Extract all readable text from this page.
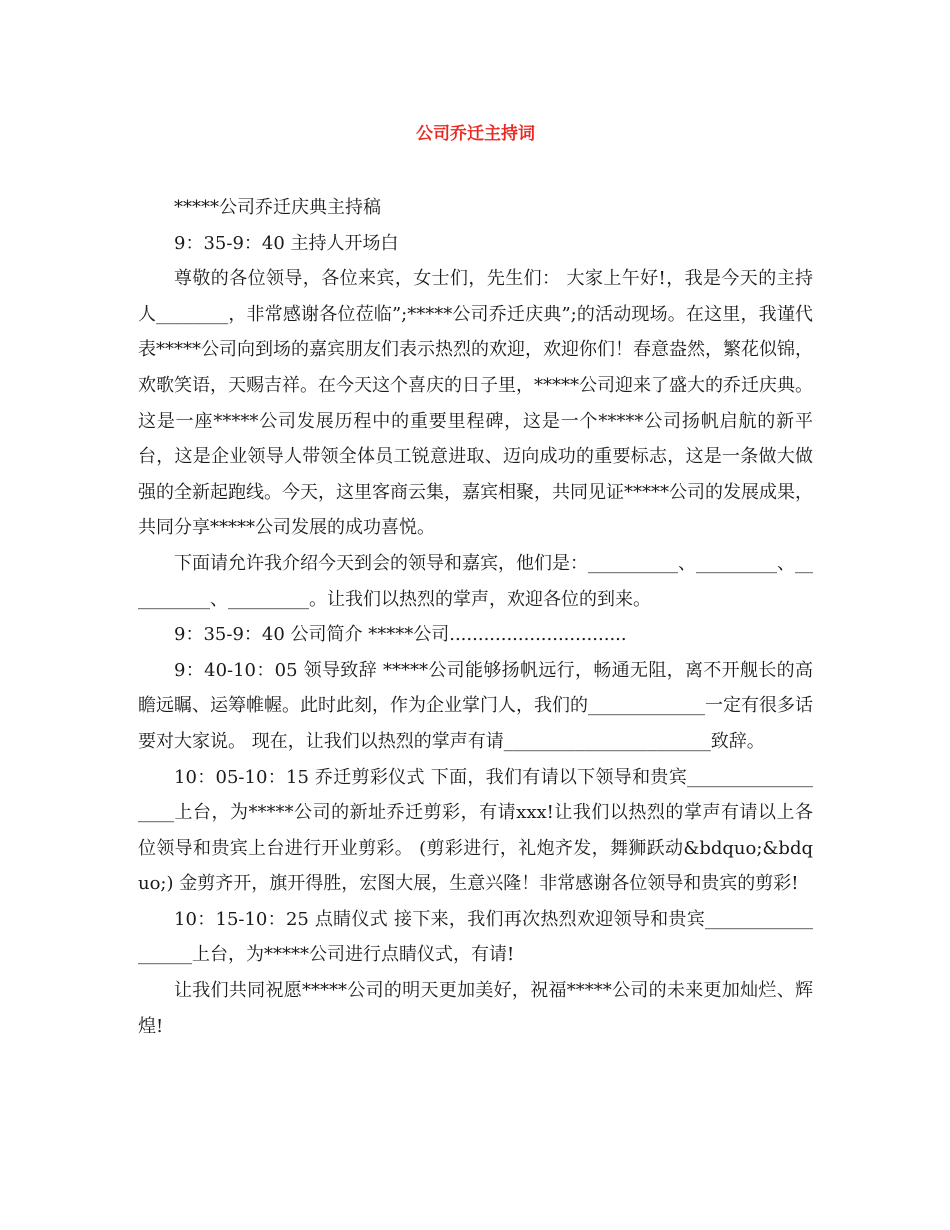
公司乔迁主持词

*****公司乔迁庆典主持稿

9：35-9：40 主持人开场白

尊敬的各位领导，各位来宾，女士们，先生们： 大家上午好!，我是今天的主持人________，非常感谢各位莅临”;*****公司乔迁庆典”;的活动现场。在这里，我谨代表*****公司向到场的嘉宾朋友们表示热烈的欢迎，欢迎你们！春意盎然，繁花似锦，欢歌笑语，天赐吉祥。在今天这个喜庆的日子里，*****公司迎来了盛大的乔迁庆典。这是一座*****公司发展历程中的重要里程碑，这是一个*****公司扬帆启航的新平台，这是企业领导人带领全体员工锐意进取、迈向成功的重要标志，这是一条做大做强的全新起跑线。今天，这里客商云集，嘉宾相聚，共同见证*****公司的发展成果，共同分享*****公司发展的成功喜悦。

下面请允许我介绍今天到会的领导和嘉宾，他们是：__________、_________、__________、_________。让我们以热烈的掌声，欢迎各位的到来。

9：35-9：40 公司简介 *****公司...............................

9：40-10：05 领导致辞 *****公司能够扬帆远行，畅通无阻，离不开舰长的高瞻远瞩、运筹帷幄。此时此刻，作为企业掌门人，我们的_____________一定有很多话要对大家说。 现在，让我们以热烈的掌声有请_______________________致辞。

10：05-10：15 乔迁剪彩仪式 下面，我们有请以下领导和贵宾__________________上台，为*****公司的新址乔迁剪彩，有请xxx!让我们以热烈的掌声有请以上各位领导和贵宾上台进行开业剪彩。 (剪彩进行，礼炮齐发，舞狮跃动&bdquo;&bdquo;) 金剪齐开，旗开得胜，宏图大展，生意兴隆！非常感谢各位领导和贵宾的剪彩!

10：15-10：25 点睛仪式 接下来，我们再次热烈欢迎领导和贵宾__________________上台，为*****公司进行点睛仪式，有请!

让我们共同祝愿*****公司的明天更加美好，祝福*****公司的未来更加灿烂、辉煌!
